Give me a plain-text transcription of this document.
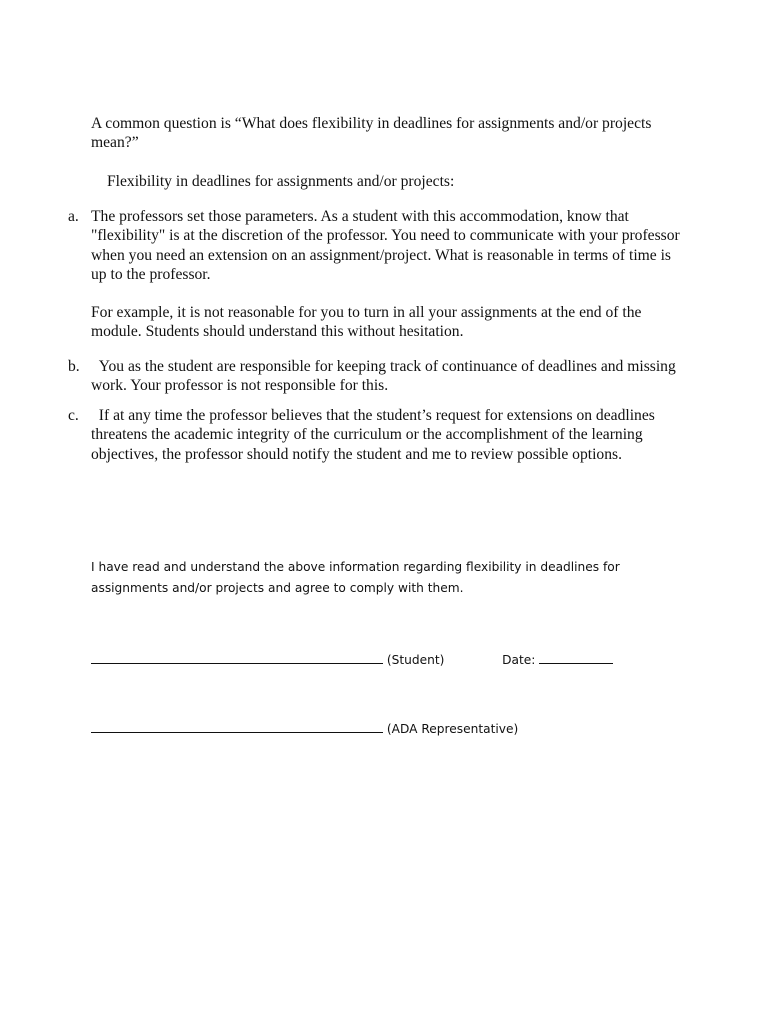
A common question is “What does flexibility in deadlines for assignments and/or projects
mean?”
Flexibility in deadlines for assignments and/or projects:
a. The professors set those parameters. As a student with this accommodation, know that "flexibility" is at the discretion of the professor. You need to communicate with your professor when you need an extension on an assignment/project. What is reasonable in terms of time is up to the professor.
For example, it is not reasonable for you to turn in all your assignments at the end of the module. Students should understand this without hesitation.
b. You as the student are responsible for keeping track of continuance of deadlines and missing work. Your professor is not responsible for this.
c. If at any time the professor believes that the student’s request for extensions on deadlines threatens the academic integrity of the curriculum or the accomplishment of the learning objectives, the professor should notify the student and me to review possible options.
I have read and understand the above information regarding flexibility in deadlines for assignments and/or projects and agree to comply with them.
(Student)	Date:
(ADA Representative)
